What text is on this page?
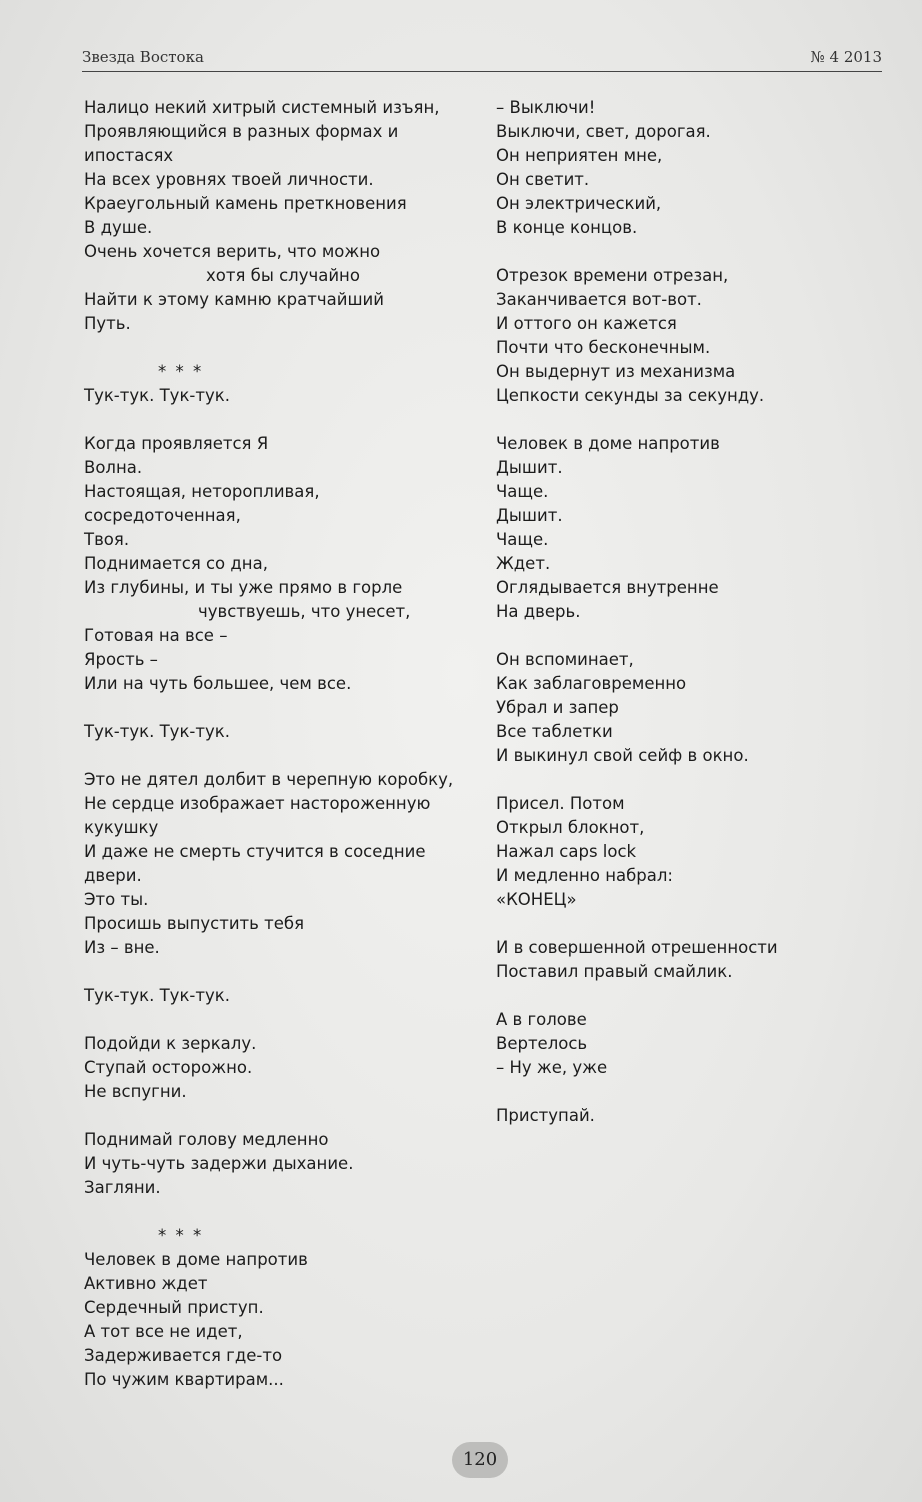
Звезда Востока	№ 4 2013
Налицо некий хитрый системный изъян,
Проявляющийся в разных формах и
ипостасях
На всех уровнях твоей личности.
Краеугольный камень преткновения
В душе.
Очень хочется верить, что можно
хотя бы случайно
Найти к этому камню кратчайший
Путь.
* * *
Тук-тук. Тук-тук.
Когда проявляется Я
Волна.
Настоящая, неторопливая,
сосредоточенная,
Твоя.
Поднимается со дна,
Из глубины, и ты уже прямо в горле
чувствуешь, что унесет,
Готовая на все –
Ярость –
Или на чуть большее, чем все.
Тук-тук. Тук-тук.
Это не дятел долбит в черепную коробку,
Не сердце изображает настороженную
кукушку
И даже не смерть стучится в соседние
двери.
Это ты.
Просишь выпустить тебя
Из – вне.
Тук-тук. Тук-тук.
Подойди к зеркалу.
Ступай осторожно.
Не вспугни.
Поднимай голову медленно
И чуть-чуть задержи дыхание.
Загляни.
* * *
Человек в доме напротив
Активно ждет
Сердечный приступ.
А тот все не идет,
Задерживается где-то
По чужим квартирам...
– Выключи!
Выключи, свет, дорогая.
Он неприятен мне,
Он светит.
Он электрический,
В конце концов.
Отрезок времени отрезан,
Заканчивается вот-вот.
И оттого он кажется
Почти что бесконечным.
Он выдернут из механизма
Цепкости секунды за секунду.
Человек в доме напротив
Дышит.
Чаще.
Дышит.
Чаще.
Ждет.
Оглядывается внутренне
На дверь.
Он вспоминает,
Как заблаговременно
Убрал и запер
Все таблетки
И выкинул свой сейф в окно.
Присел. Потом
Открыл блокнот,
Нажал caps lock
И медленно набрал:
«КОНЕЦ»
И в совершенной отрешенности
Поставил правый смайлик.
А в голове
Вертелось
– Ну же, уже
Приступай.
120
